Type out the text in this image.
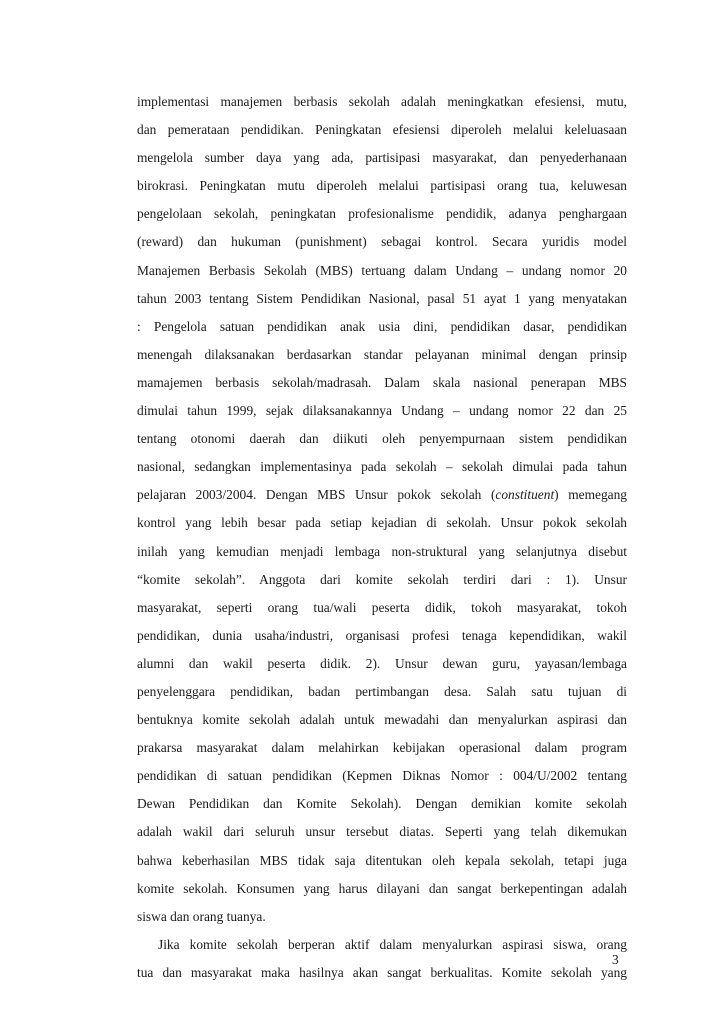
implementasi manajemen berbasis sekolah adalah meningkatkan efesiensi, mutu,
dan pemerataan pendidikan. Peningkatan efesiensi diperoleh melalui keleluasaan
mengelola sumber daya yang ada, partisipasi masyarakat, dan penyederhanaan
birokrasi. Peningkatan mutu diperoleh melalui partisipasi orang tua, keluwesan
pengelolaan sekolah, peningkatan profesionalisme pendidik, adanya penghargaan
(reward) dan hukuman (punishment) sebagai kontrol. Secara yuridis model
Manajemen Berbasis Sekolah (MBS) tertuang dalam Undang – undang nomor 20
tahun 2003 tentang Sistem Pendidikan Nasional, pasal 51 ayat 1 yang menyatakan
: Pengelola satuan pendidikan anak usia dini, pendidikan dasar, pendidikan
menengah dilaksanakan berdasarkan standar pelayanan minimal dengan prinsip
mamajemen berbasis sekolah/madrasah. Dalam skala nasional penerapan MBS
dimulai tahun 1999, sejak dilaksanakannya Undang – undang nomor 22 dan 25
tentang otonomi daerah dan diikuti oleh penyempurnaan sistem pendidikan
nasional, sedangkan implementasinya pada sekolah – sekolah dimulai pada tahun
pelajaran 2003/2004. Dengan MBS Unsur pokok sekolah (constituent) memegang
kontrol yang lebih besar pada setiap kejadian di sekolah. Unsur pokok sekolah
inilah yang kemudian menjadi lembaga non-struktural yang selanjutnya disebut
“komite sekolah”. Anggota dari komite sekolah terdiri dari : 1). Unsur
masyarakat, seperti orang tua/wali peserta didik, tokoh masyarakat, tokoh
pendidikan, dunia usaha/industri, organisasi profesi tenaga kependidikan, wakil
alumni dan wakil peserta didik. 2). Unsur dewan guru, yayasan/lembaga
penyelenggara pendidikan, badan pertimbangan desa. Salah satu tujuan di
bentuknya komite sekolah adalah untuk mewadahi dan menyalurkan aspirasi dan
prakarsa masyarakat dalam melahirkan kebijakan operasional dalam program
pendidikan di satuan pendidikan (Kepmen Diknas Nomor : 004/U/2002 tentang
Dewan Pendidikan dan Komite Sekolah). Dengan demikian komite sekolah
adalah wakil dari seluruh unsur tersebut diatas. Seperti yang telah dikemukan
bahwa keberhasilan MBS tidak saja ditentukan oleh kepala sekolah, tetapi juga
komite sekolah. Konsumen yang harus dilayani dan sangat berkepentingan adalah
siswa dan orang tuanya.
Jika komite sekolah berperan aktif dalam menyalurkan aspirasi siswa, orang
tua dan masyarakat maka hasilnya akan sangat berkualitas. Komite sekolah yang
3
